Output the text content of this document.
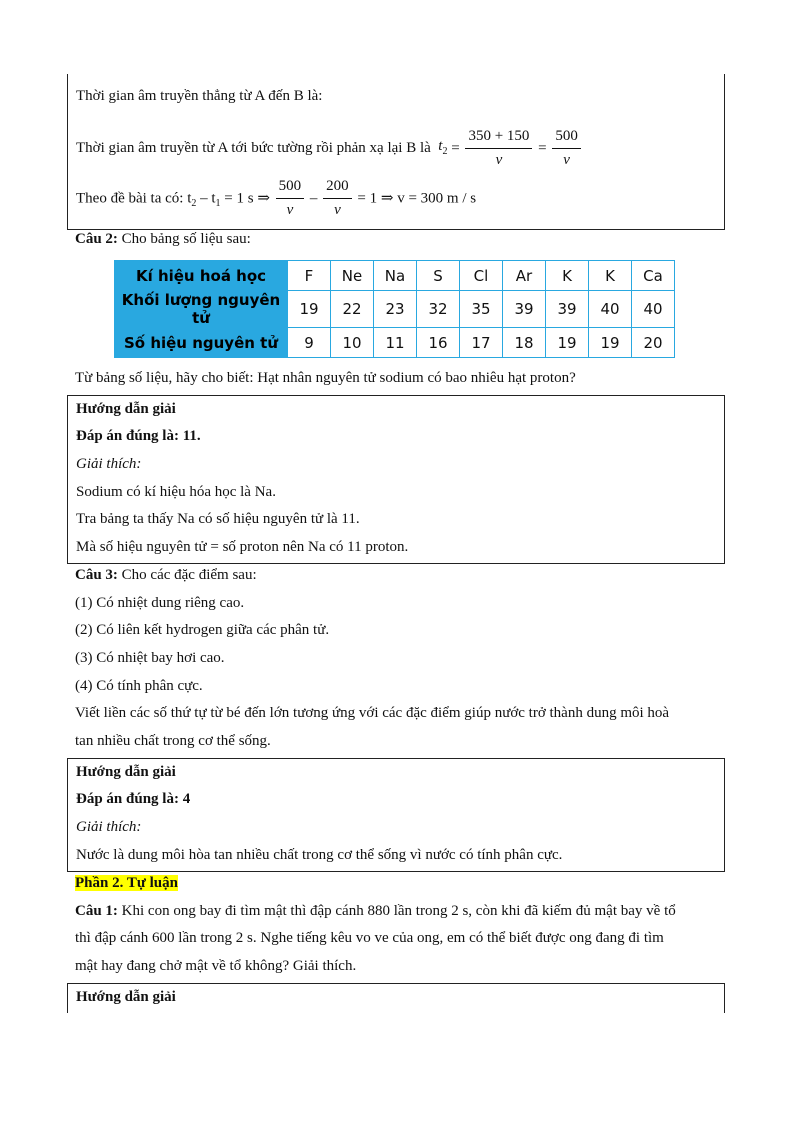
Thời gian âm truyền thẳng từ A đến B là:
Thời gian âm truyền từ A tới bức tường rồi phản xạ lại B là $t_2 = \frac{350 + 150}{v} = \frac{500}{v}$
Theo đề bài ta có: $t_2 - t_1 = 1$ s ⇒ $\frac{500}{v} - \frac{200}{v} = 1$ ⇒ v = 300 m / s
Câu 2: Cho bảng số liệu sau:
Kí hiệu hoá học	F	Ne	Na	S	Cl	Ar	K	K	Ca
Khối lượng nguyên tử	19	22	23	32	35	39	39	40	40
Số hiệu nguyên tử	9	10	11	16	17	18	19	19	20
Từ bảng số liệu, hãy cho biết: Hạt nhân nguyên tử sodium có bao nhiêu hạt proton?
Hướng dẫn giải
Đáp án đúng là: 11.
Giải thích:
Sodium có kí hiệu hóa học là Na.
Tra bảng ta thấy Na có số hiệu nguyên tử là 11.
Mà số hiệu nguyên tử = số proton nên Na có 11 proton.
Câu 3: Cho các đặc điểm sau:
(1) Có nhiệt dung riêng cao.
(2) Có liên kết hydrogen giữa các phân tử.
(3) Có nhiệt bay hơi cao.
(4) Có tính phân cực.
Viết liền các số thứ tự từ bé đến lớn tương ứng với các đặc điểm giúp nước trở thành dung môi hoà
tan nhiều chất trong cơ thể sống.
Hướng dẫn giải
Đáp án đúng là: 4
Giải thích:
Nước là dung môi hòa tan nhiều chất trong cơ thể sống vì nước có tính phân cực.
Phần 2. Tự luận
Câu 1: Khi con ong bay đi tìm mật thì đập cánh 880 lần trong 2 s, còn khi đã kiếm đủ mật bay về tổ
thì đập cánh 600 lần trong 2 s. Nghe tiếng kêu vo ve của ong, em có thể biết được ong đang đi tìm
mật hay đang chở mật về tổ không? Giải thích.
Hướng dẫn giải
